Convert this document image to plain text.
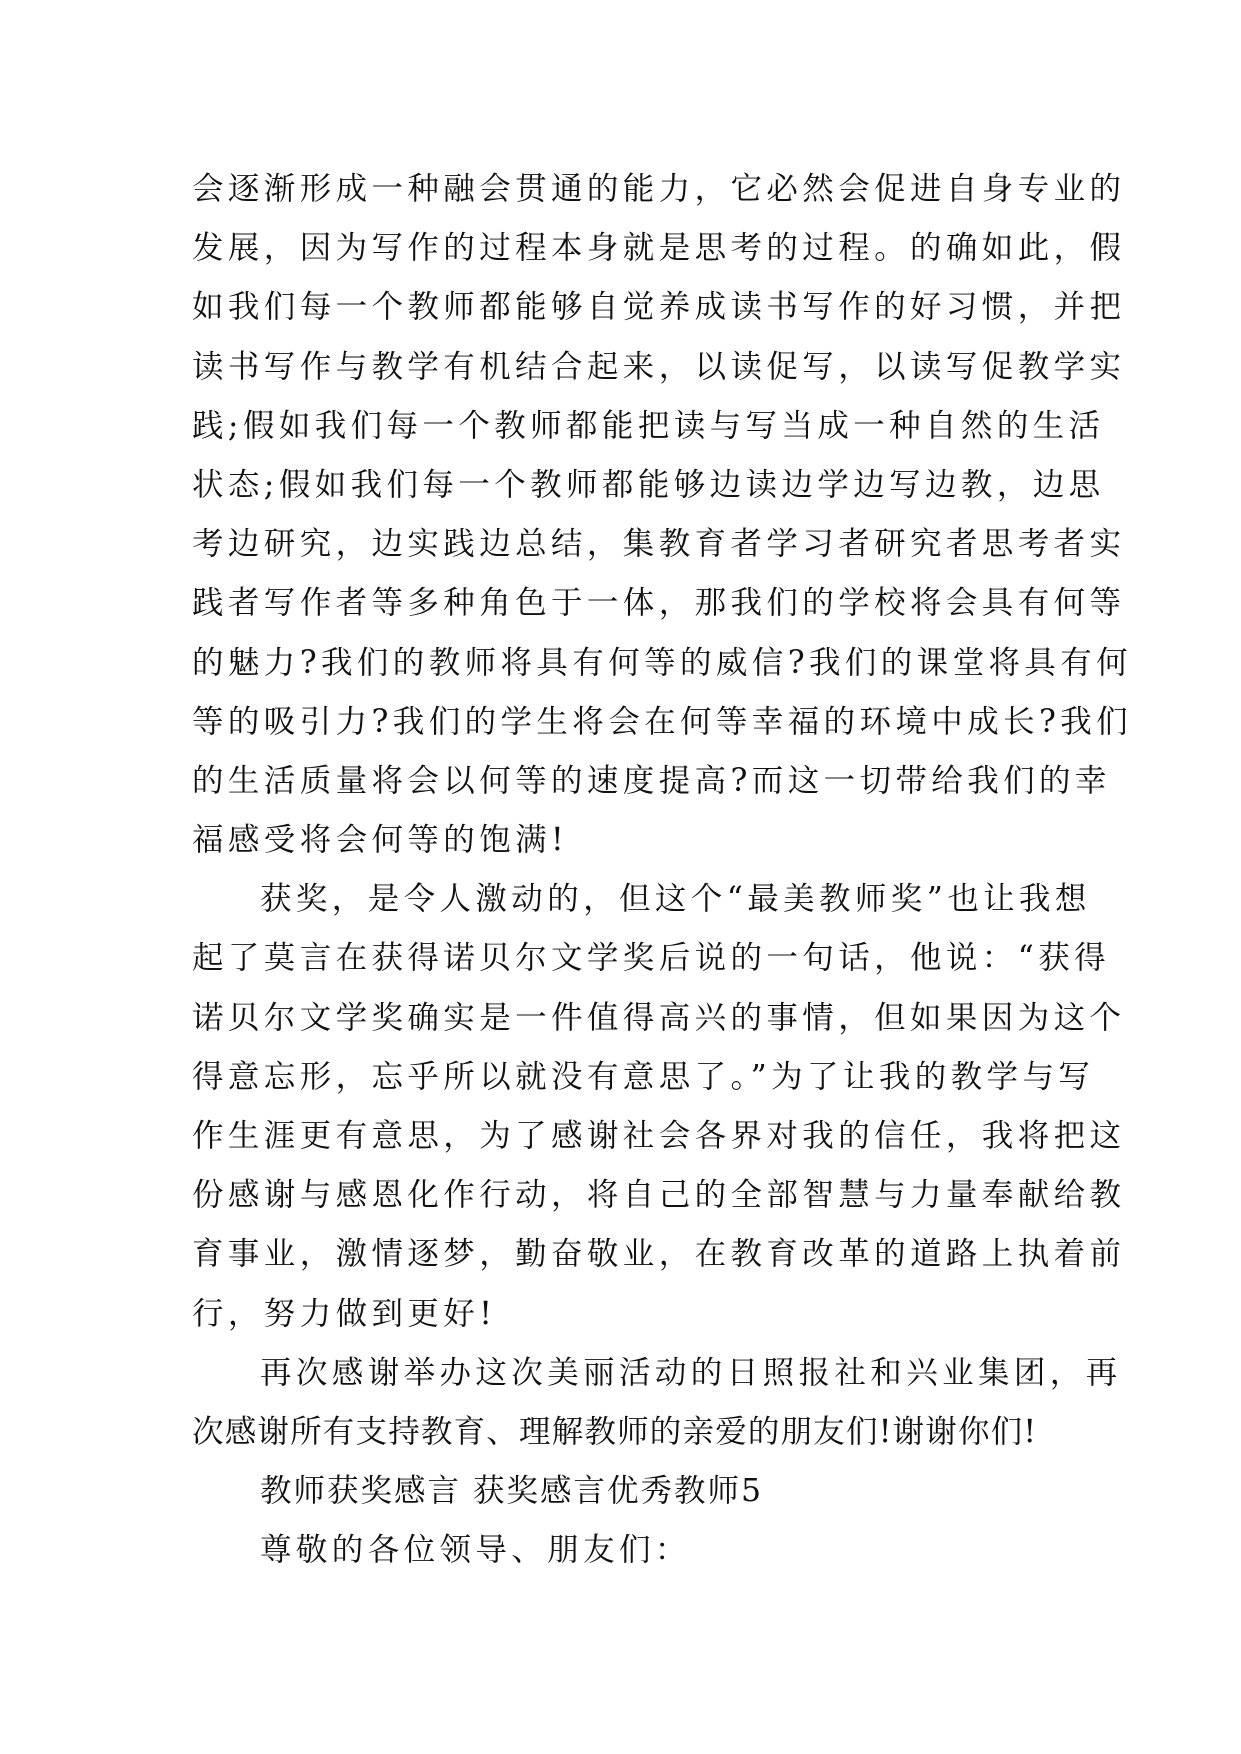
会逐渐形成一种融会贯通的能力，它必然会促进自身专业的
发展，因为写作的过程本身就是思考的过程。的确如此，假
如我们每一个教师都能够自觉养成读书写作的好习惯，并把
读书写作与教学有机结合起来，以读促写，以读写促教学实
践;假如我们每一个教师都能把读与写当成一种自然的生活
状态;假如我们每一个教师都能够边读边学边写边教，边思
考边研究，边实践边总结，集教育者学习者研究者思考者实
践者写作者等多种角色于一体，那我们的学校将会具有何等
的魅力?我们的教师将具有何等的威信?我们的课堂将具有何
等的吸引力?我们的学生将会在何等幸福的环境中成长?我们
的生活质量将会以何等的速度提高?而这一切带给我们的幸
福感受将会何等的饱满!
获奖，是令人激动的，但这个“最美教师奖”也让我想
起了莫言在获得诺贝尔文学奖后说的一句话，他说：“获得
诺贝尔文学奖确实是一件值得高兴的事情，但如果因为这个
得意忘形，忘乎所以就没有意思了。”为了让我的教学与写
作生涯更有意思，为了感谢社会各界对我的信任，我将把这
份感谢与感恩化作行动，将自己的全部智慧与力量奉献给教
育事业，激情逐梦，勤奋敬业，在教育改革的道路上执着前
行，努力做到更好!
再次感谢举办这次美丽活动的日照报社和兴业集团，再
次感谢所有支持教育、理解教师的亲爱的朋友们!谢谢你们!
教师获奖感言 获奖感言优秀教师5
尊敬的各位领导、朋友们：
